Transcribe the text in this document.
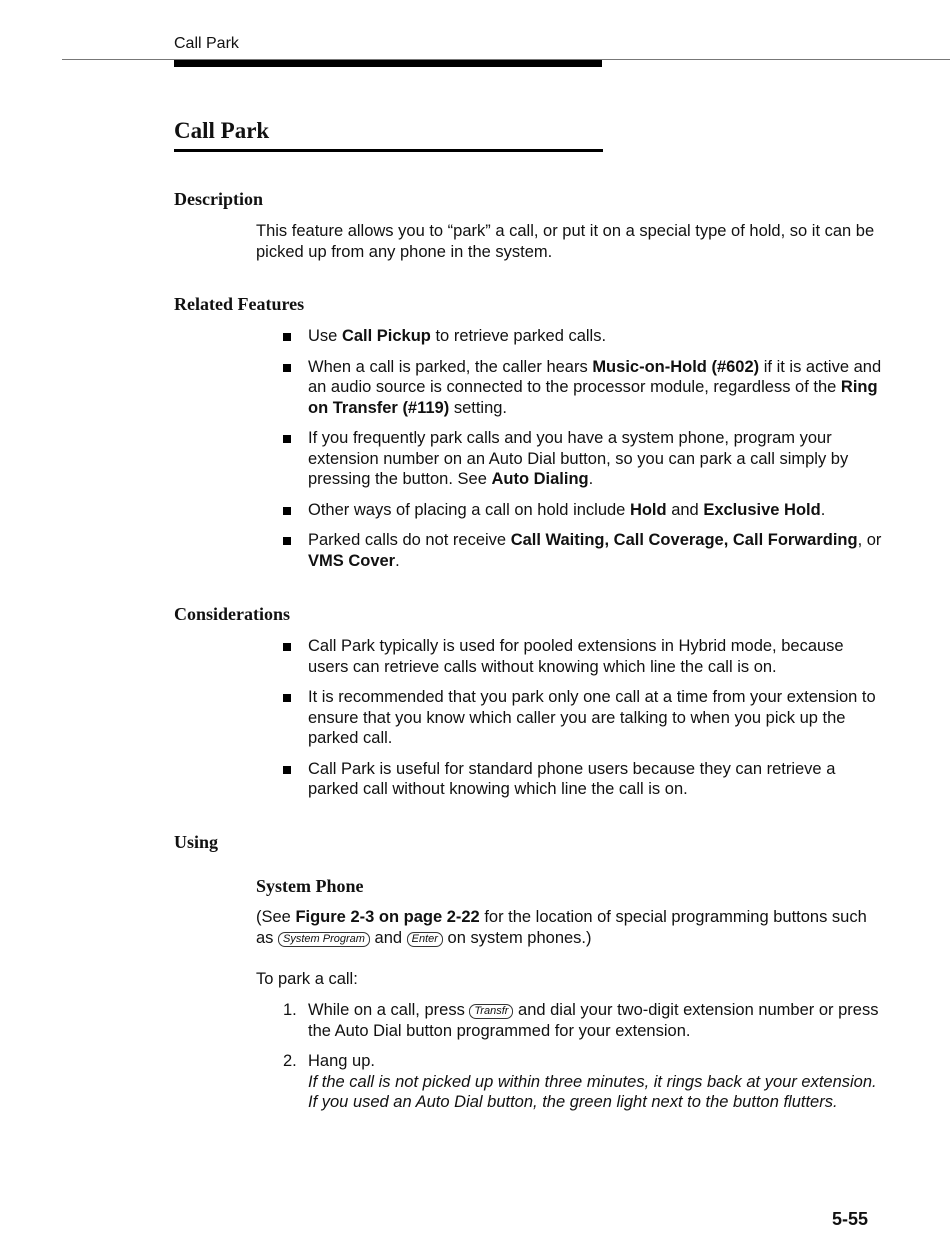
Call Park
Call Park
Description

This feature allows you to “park” a call, or put it on a special type of hold, so it can be picked up from any phone in the system.

Related Features
Use Call Pickup to retrieve parked calls.
When a call is parked, the caller hears Music-on-Hold (#602) if it is active and an audio source is connected to the processor module, regardless of the Ring on Transfer (#119) setting.
If you frequently park calls and you have a system phone, program your extension number on an Auto Dial button, so you can park a call simply by pressing the button. See Auto Dialing.
Other ways of placing a call on hold include Hold and Exclusive Hold.
Parked calls do not receive Call Waiting, Call Coverage, Call Forwarding, or VMS Cover.
Considerations
Call Park typically is used for pooled extensions in Hybrid mode, because users can retrieve calls without knowing which line the call is on.
It is recommended that you park only one call at a time from your extension to ensure that you know which caller you are talking to when you pick up the parked call.
Call Park is useful for standard phone users because they can retrieve a parked call without knowing which line the call is on.
Using
System Phone

(See Figure 2-3 on page 2-22 for the location of special programming buttons such as System Program and Enter on system phones.)

To park a call:

1. While on a call, press Transfr and dial your two-digit extension number or press the Auto Dial button programmed for your extension.
2. Hang up.
If the call is not picked up within three minutes, it rings back at your extension. If you used an Auto Dial button, the green light next to the button flutters.
5-55
